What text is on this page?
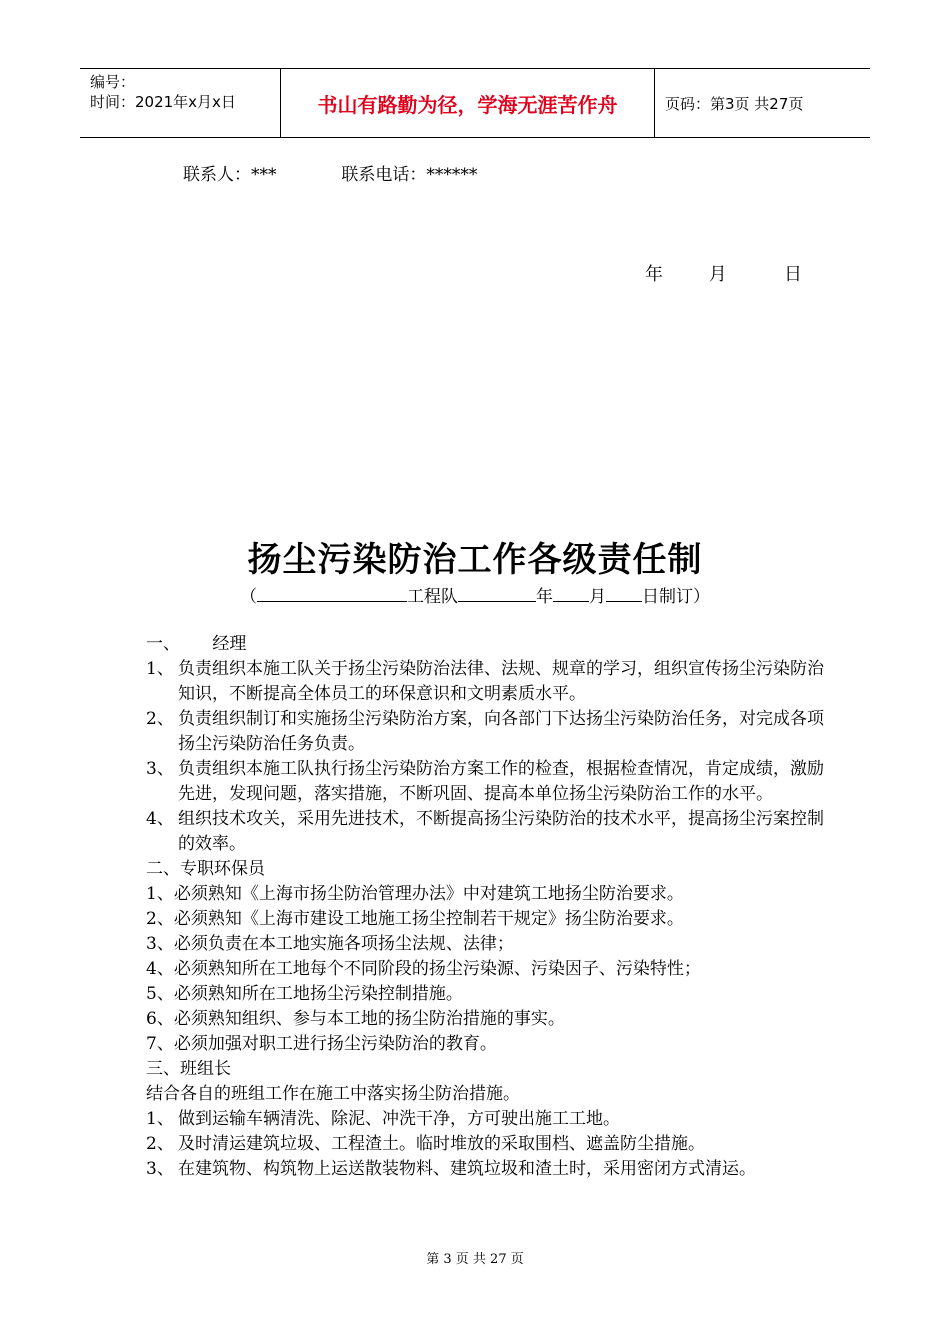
编号：
时间：2021年x月x日	书山有路勤为径，学海无涯苦作舟	页码：第3页 共27页
联系人：***	联系电话：******
年        月          日
扬尘污染防治工作各级责任制
（	工程队	年 月 日制订）
一、      经理
1、 负责组织本施工队关于扬尘污染防治法律、法规、规章的学习，组织宣传扬尘污染防治知识，不断提高全体员工的环保意识和文明素质水平。
2、 负责组织制订和实施扬尘污染防治方案，向各部门下达扬尘污染防治任务，对完成各项扬尘污染防治任务负责。
3、 负责组织本施工队执行扬尘污染防治方案工作的检查，根据检查情况，肯定成绩，激励先进，发现问题，落实措施，不断巩固、提高本单位扬尘污染防治工作的水平。
4、 组织技术攻关，采用先进技术，不断提高扬尘污染防治的技术水平，提高扬尘污案控制的效率。
二、专职环保员
1、必须熟知《上海市扬尘防治管理办法》中对建筑工地扬尘防治要求。
2、必须熟知《上海市建设工地施工扬尘控制若干规定》扬尘防治要求。
3、必须负责在本工地实施各项扬尘法规、法律；
4、必须熟知所在工地每个不同阶段的扬尘污染源、污染因子、污染特性；
5、必须熟知所在工地扬尘污染控制措施。
6、必须熟知组织、参与本工地的扬尘防治措施的事实。
7、必须加强对职工进行扬尘污染防治的教育。
三、班组长
结合各自的班组工作在施工中落实扬尘防治措施。
1、 做到运输车辆清洗、除泥、冲洗干净，方可驶出施工工地。
2、 及时清运建筑垃圾、工程渣土。临时堆放的采取围档、遮盖防尘措施。
3、 在建筑物、构筑物上运送散装物料、建筑垃圾和渣土时，采用密闭方式清运。
第 3 页 共 27 页
